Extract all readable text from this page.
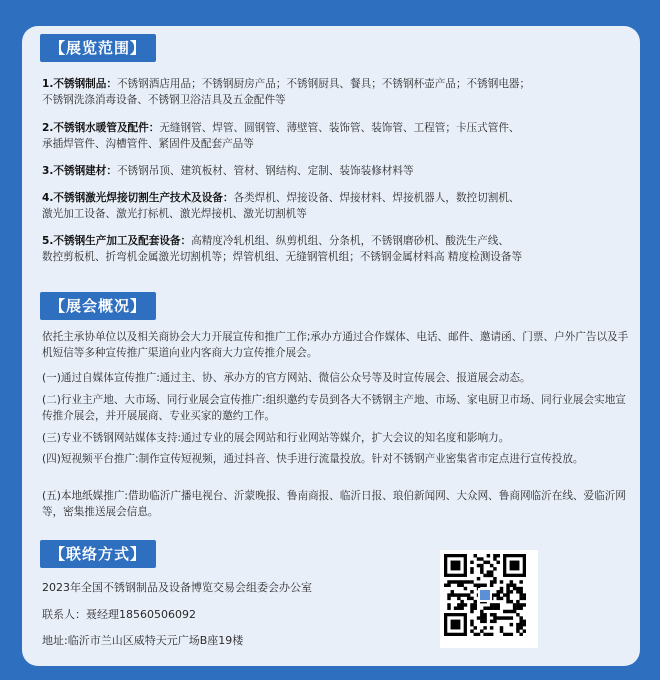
【展览范围】
1.不锈钢制品：不锈钢酒店用品；不锈钢厨房产品；不锈钢厨具、餐具；不锈钢杯壶产品；不锈钢电器；
不锈钢洗涤消毒设备、不锈钢卫浴洁具及五金配件等
2.不锈钢水暖管及配件：无缝钢管、焊管、圆钢管、薄壁管、装饰管、装饰管、工程管；卡压式管件、
承插焊管件、沟槽管件、紧固件及配套产品等
3.不锈钢建材：不锈钢吊顶、建筑板材、管材、钢结构、定制、装饰装修材料等
4.不锈钢激光焊接切割生产技术及设备：各类焊机、焊接设备、焊接材料、焊接机器人，数控切割机、
激光加工设备、激光打标机、激光焊接机、激光切割机等
5.不锈钢生产加工及配套设备：高精度冷轧机组、纵剪机组、分条机，不锈钢磨砂机、酸洗生产线、
数控剪板机、折弯机金属激光切割机等；焊管机组、无缝钢管机组；不锈钢金属材料高 精度检测设备等
【展会概况】
依托主承协单位以及相关商协会大力开展宣传和推广工作;承办方通过合作媒体、电话、邮件、邀请函、门票、户外广告以及手机短信等多种宣传推广渠道向业内客商大力宣传推介展会。
(一)通过自媒体宣传推广:通过主、协、承办方的官方网站、微信公众号等及时宣传展会、报道展会动态。
(二)行业主产地、大市场、同行业展会宣传推广:组织邀约专员到各大不锈钢主产地、市场、家电厨卫市场、同行业展会实地宣传推介展会，并开展展商、专业买家的邀约工作。
(三)专业不锈钢网站媒体支持:通过专业的展会网站和行业网站等媒介，扩大会议的知名度和影响力。
(四)短视频平台推广:制作宣传短视频，通过抖音、快手进行流量投放。针对不锈钢产业密集省市定点进行宣传投放。
(五)本地纸媒推广:借助临沂广播电视台、沂蒙晚报、鲁南商报、临沂日报、琅伯新闻网、大众网、鲁商网临沂在线、爱临沂网等，密集推送展会信息。
【联络方式】
2023年全国不锈钢制品及设备博览交易会组委会办公室
联系人：聂经理18560506092
地址:临沂市兰山区威特天元广场B座19楼
